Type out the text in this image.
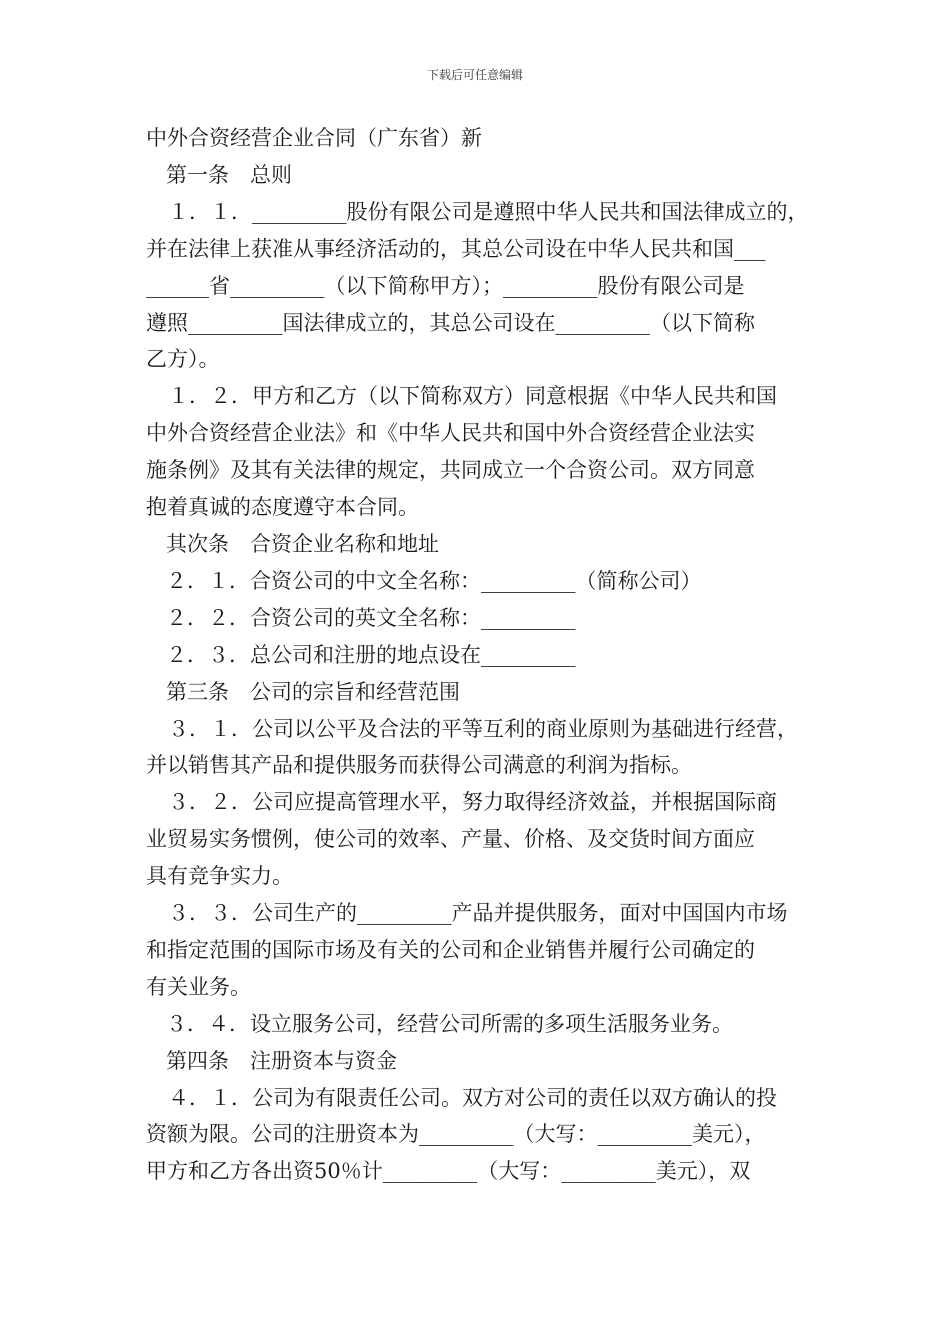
下载后可任意编辑
中外合资经营企业合同（广东省）新
第一条　总则
１．１．_________股份有限公司是遵照中华人民共和国法律成立的，
并在法律上获准从事经济活动的，其总公司设在中华人民共和国___
______省_________（以下简称甲方）；_________股份有限公司是
遵照_________国法律成立的，其总公司设在_________（以下简称
乙方）。
１．２．甲方和乙方（以下简称双方）同意根据《中华人民共和国
中外合资经营企业法》和《中华人民共和国中外合资经营企业法实
施条例》及其有关法律的规定，共同成立一个合资公司。双方同意
抱着真诚的态度遵守本合同。
其次条　合资企业名称和地址
２．１．合资公司的中文全名称：_________（简称公司）
２．２．合资公司的英文全名称：_________
２．３．总公司和注册的地点设在_________
第三条　公司的宗旨和经营范围
３．１．公司以公平及合法的平等互利的商业原则为基础进行经营，
并以销售其产品和提供服务而获得公司满意的利润为指标。
３．２．公司应提高管理水平，努力取得经济效益，并根据国际商
业贸易实务惯例，使公司的效率、产量、价格、及交货时间方面应
具有竞争实力。
３．３．公司生产的_________产品并提供服务，面对中国国内市场
和指定范围的国际市场及有关的公司和企业销售并履行公司确定的
有关业务。
３．４．设立服务公司，经营公司所需的多项生活服务业务。
第四条　注册资本与资金
４．１．公司为有限责任公司。双方对公司的责任以双方确认的投
资额为限。公司的注册资本为_________（大写：_________美元），
甲方和乙方各出资50％计_________（大写：_________美元），双
